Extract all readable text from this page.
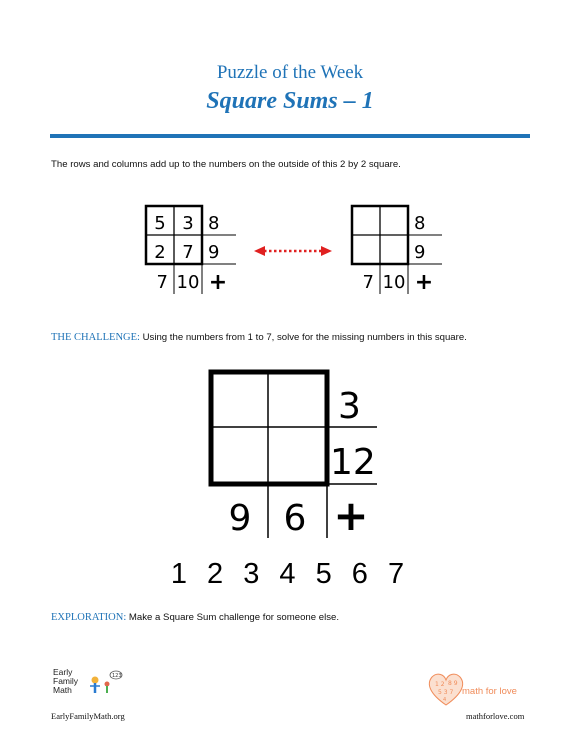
Puzzle of the Week
Square Sums – 1
The rows and columns add up to the numbers on the outside of this 2 by 2 square.
5 3
2 7
8
9
7 10 +
8
9
7 10 +
THE CHALLENGE: Using the numbers from 1 to 7, solve for the missing numbers in this square.
3
12
9 6 +
1 2 3 4 5 6 7
EXPLORATION: Make a Square Sum challenge for someone else.
Early
Family
Math
123
EarlyFamilyMath.org
1 2 8 9
5 3 7
4
math for love
mathforlove.com
